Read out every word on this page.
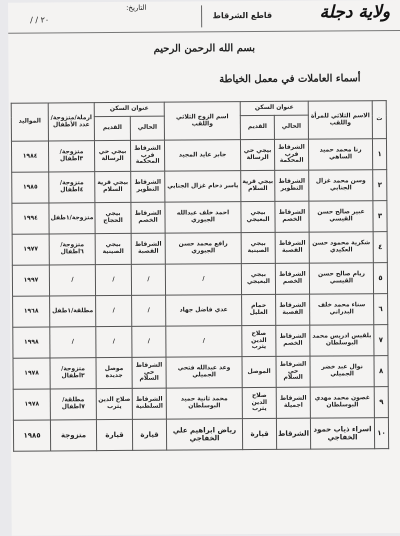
ولاية دجلة
قاطع الشرقاط
التاريخ:
/ / ٢٠
بسم الله الرحمن الرحيم
أسماء العاملات في معمل الخياطة
ت	الاسم الثلاثي للمرأة واللقب	عنوان السكن		اسم الزوج الثلاثي واللقب	عنوان السكن		ارملة/متزوجة/عدد الأطفال	المواليد
		الحالي	القديم		الحالي	القديم		
١	رنا محمد حميد الساهي	الشرقاط قرب المحكمة	بيجي حي الرسالة	جابر عايد المجيد	الشرقاط قرب المحكمة	بيجي حي الرسالة	متزوجة/٣اطفال	١٩٨٤
٢	وسن محمد غزال الجنابي	الشرقاط التطوير	بيجي قرية السلام	ياسر دحام غزال الجنابي	الشرقاط التطوير	بيجي قرية السلام	متزوجة/٤اطفال	١٩٨٥
٣	عبير صالح حسن القيسي	الشرقاط الخصم	بيجي البعيجي	احمد خلف عبدالله الجبوري	الشرقاط الخصم	بيجي الحجاج	متزوجة/١طفل	١٩٩٤
٤	شكرية محمود حسن العكيدي	الشرقاط القصبة	بيجي الصينية	رافع محمد حسن الجبوري	الشرقاط القصبة	بيجي الصينية	متزوجة/٦اطفال	١٩٧٧
٥	ريام صالح حسن القيسي	الشرقاط الخصم	بيجي البعيجي	/	/	/	/	١٩٩٧
٦	سناء محمد خلف البدراني	الشرقاط القصبة	حمام العليل	عدي فاضل جهاد	/	/	مطلقة/١طفل	١٩٦٨
٧	بلقيس ادريس محمد البوسلطان	الشرقاط الخصم	صلاح الدين يثرب	/	/	/	/	١٩٩٨
٨	نوال عبد خضر الجميلي	الشرقاط حي السلام	الموصل	وعد عبدالله فتحي الجميلي	الشرقاط حي السلام	موصل جديدة	متزوجة/٣اطفال	١٩٧٨
٩	غصون محمد مهدي البوسلطان	الشرقاط اجميلة	صلاح الدين يثرب	محمد ثانية حميد البوسلطان	الشرقاط السلطنية	صلاح الدين يثرب	مطلقة/٧اطفال	١٩٧٨
١٠	اسراء ذياب حمود الخفاجي	الشرقاط	قيارة	رياض ابراهيم علي الخفاجي	قيارة	قيارة	متزوجة	١٩٨٥
